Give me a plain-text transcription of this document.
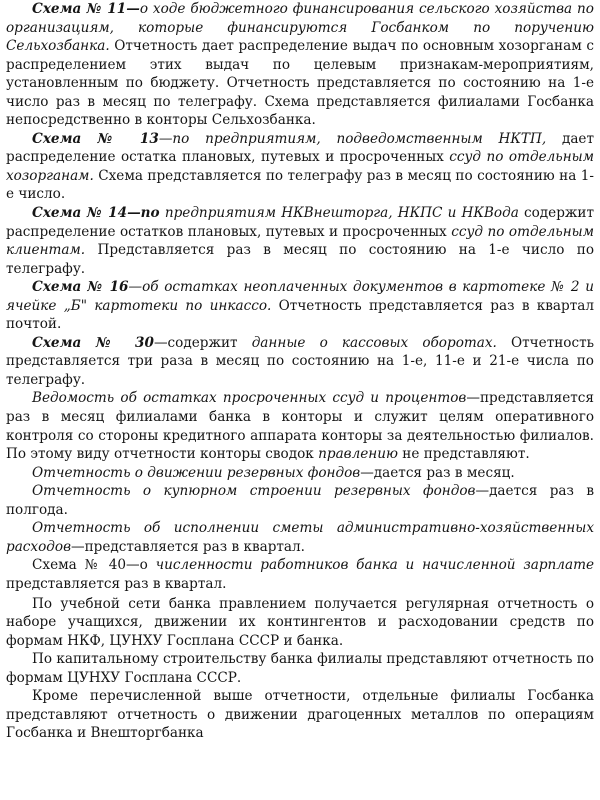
Схема № 11—о ходе бюджетного финансирования сельского хозяйства по организациям, которые финансируются Госбанком по поручению Сельхозбанка. Отчетность дает распределение выдач по основным хозорганам с распределением этих выдач по целевым признакам-мероприятиям, установленным по бюджету. Отчетность представляется по состоянию на 1-е число раз в месяц по телеграфу. Схема представляется филиалами Госбанка непосредственно в конторы Сельхозбанка.

Схема № 13—по предприятиям, подведомственным НКТП, дает распределение остатка плановых, путевых и просроченных ссуд по отдельным хозорганам. Схема представляется по телеграфу раз в месяц по состоянию на 1-е число.

Схема № 14—по предприятиям НКВнешторга, НКПС и НКВода содержит распределение остатков плановых, путевых и просроченных ссуд по отдельным клиентам. Представляется раз в месяц по состоянию на 1-е число по телеграфу.

Схема № 16—об остатках неоплаченных документов в картотеке № 2 и ячейке „Б" картотеки по инкассо. Отчетность представляется раз в квартал почтой.

Схема № 30—содержит данные о кассовых оборотах. Отчетность представляется три раза в месяц по состоянию на 1-е, 11-е и 21-е числа по телеграфу.

Ведомость об остатках просроченных ссуд и процентов—представляется раз в месяц филиалами банка в конторы и служит целям оперативного контроля со стороны кредитного аппарата конторы за деятельностью филиалов. По этому виду отчетности конторы сводок правлению не представляют.

Отчетность о движении резервных фондов—дается раз в месяц.

Отчетность о купюрном строении резервных фондов—дается раз в полгода.

Отчетность об исполнении сметы административно-хозяйственных расходов—представляется раз в квартал.

Схема № 40—о численности работников банка и начисленной зарплате представляется раз в квартал.

По учебной сети банка правлением получается регулярная отчетность о наборе учащихся, движении их контингентов и расходовании средств по формам НКФ, ЦУНХУ Госплана СССР и банка.

По капитальному строительству банка филиалы представляют отчетность по формам ЦУНХУ Госплана СССР.

Кроме перечисленной выше отчетности, отдельные филиалы Госбанка представляют отчетность о движении драгоценных металлов по операциям Госбанка и Внешторгбанка
